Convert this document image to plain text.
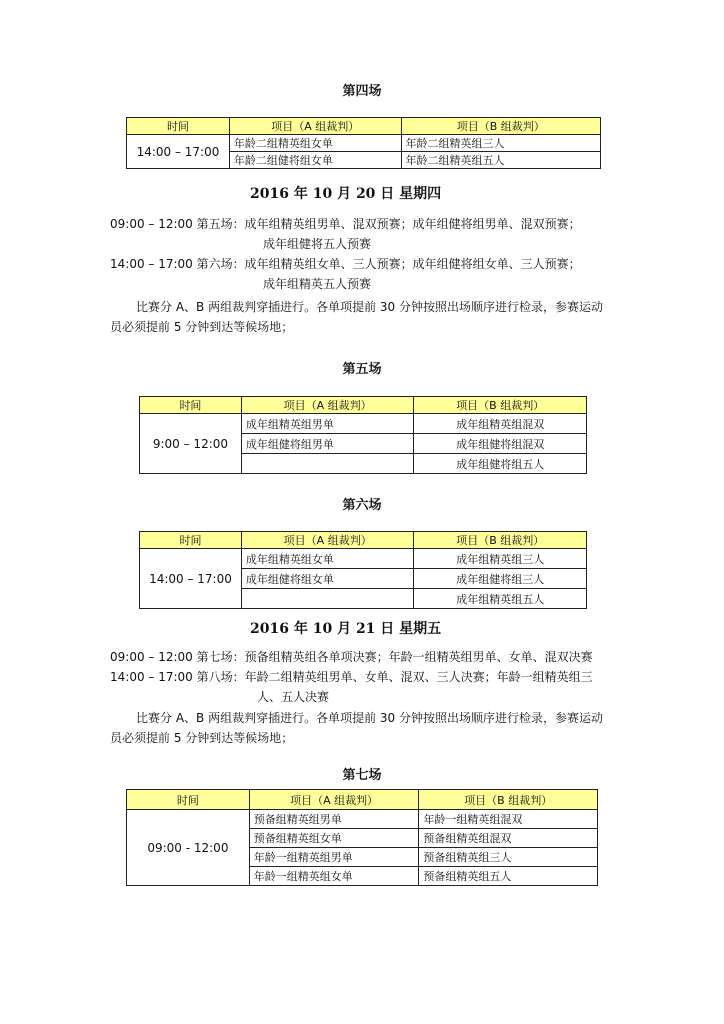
第四场
时间	项目（A 组裁判）	项目（B 组裁判）
14:00 – 17:00	年龄二组精英组女单	年龄二组精英组三人
	年龄二组健将组女单	年龄二组精英组五人
2016 年 10 月 20 日 星期四
09:00 – 12:00 第五场：成年组精英组男单、混双预赛；成年组健将组男单、混双预赛；
成年组健将五人预赛
14:00 – 17:00 第六场：成年组精英组女单、三人预赛；成年组健将组女单、三人预赛；
成年组精英五人预赛
比赛分 A、B 两组裁判穿插进行。各单项提前 30 分钟按照出场顺序进行检录，参赛运动
员必须提前 5 分钟到达等候场地；
第五场
时间	项目（A 组裁判）	项目（B 组裁判）
9:00 – 12:00	成年组精英组男单	成年组精英组混双
	成年组健将组男单	成年组健将组混双
		成年组健将组五人
第六场
时间	项目（A 组裁判）	项目（B 组裁判）
14:00 – 17:00	成年组精英组女单	成年组精英组三人
	成年组健将组女单	成年组健将组三人
		成年组精英组五人
2016 年 10 月 21 日 星期五
09:00 – 12:00 第七场：预备组精英组各单项决赛；年龄一组精英组男单、女单、混双决赛
14:00 – 17:00 第八场：年龄二组精英组男单、女单、混双、三人决赛；年龄一组精英组三
人、五人决赛
比赛分 A、B 两组裁判穿插进行。各单项提前 30 分钟按照出场顺序进行检录，参赛运动
员必须提前 5 分钟到达等候场地；
第七场
时间	项目（A 组裁判）	项目（B 组裁判）
09:00 - 12:00	预备组精英组男单	年龄一组精英组混双
	预备组精英组女单	预备组精英组混双
	年龄一组精英组男单	预备组精英组三人
	年龄一组精英组女单	预备组精英组五人
